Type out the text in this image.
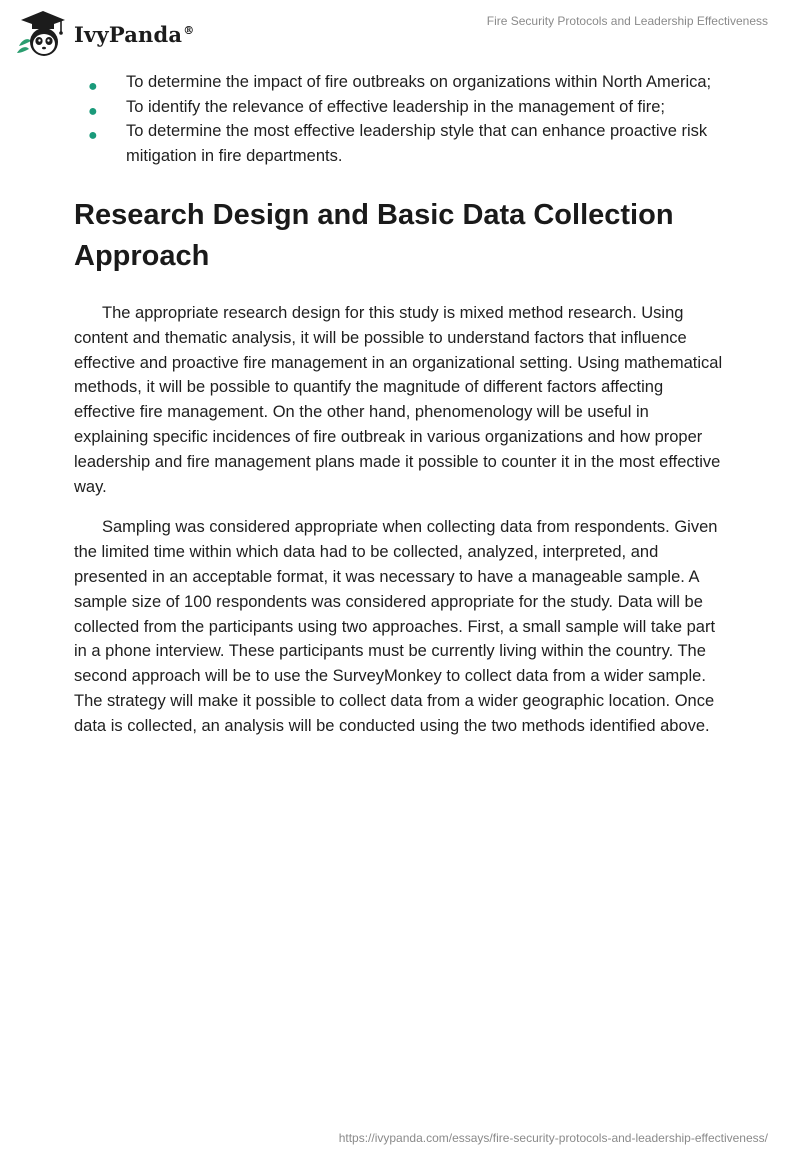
IvyPanda®
Fire Security Protocols and Leadership Effectiveness
● To determine the impact of fire outbreaks on organizations within North America;
● To identify the relevance of effective leadership in the management of fire;
● To determine the most effective leadership style that can enhance proactive risk mitigation in fire departments.
Research Design and Basic Data Collection Approach

The appropriate research design for this study is mixed method research. Using content and thematic analysis, it will be possible to understand factors that influence effective and proactive fire management in an organizational setting. Using mathematical methods, it will be possible to quantify the magnitude of different factors affecting effective fire management. On the other hand, phenomenology will be useful in explaining specific incidences of fire outbreak in various organizations and how proper leadership and fire management plans made it possible to counter it in the most effective way.

Sampling was considered appropriate when collecting data from respondents. Given the limited time within which data had to be collected, analyzed, interpreted, and presented in an acceptable format, it was necessary to have a manageable sample. A sample size of 100 respondents was considered appropriate for the study. Data will be collected from the participants using two approaches. First, a small sample will take part in a phone interview. These participants must be currently living within the country. The second approach will be to use the SurveyMonkey to collect data from a wider sample. The strategy will make it possible to collect data from a wider geographic location. Once data is collected, an analysis will be conducted using the two methods identified above.

https://ivypanda.com/essays/fire-security-protocols-and-leadership-effectiveness/
